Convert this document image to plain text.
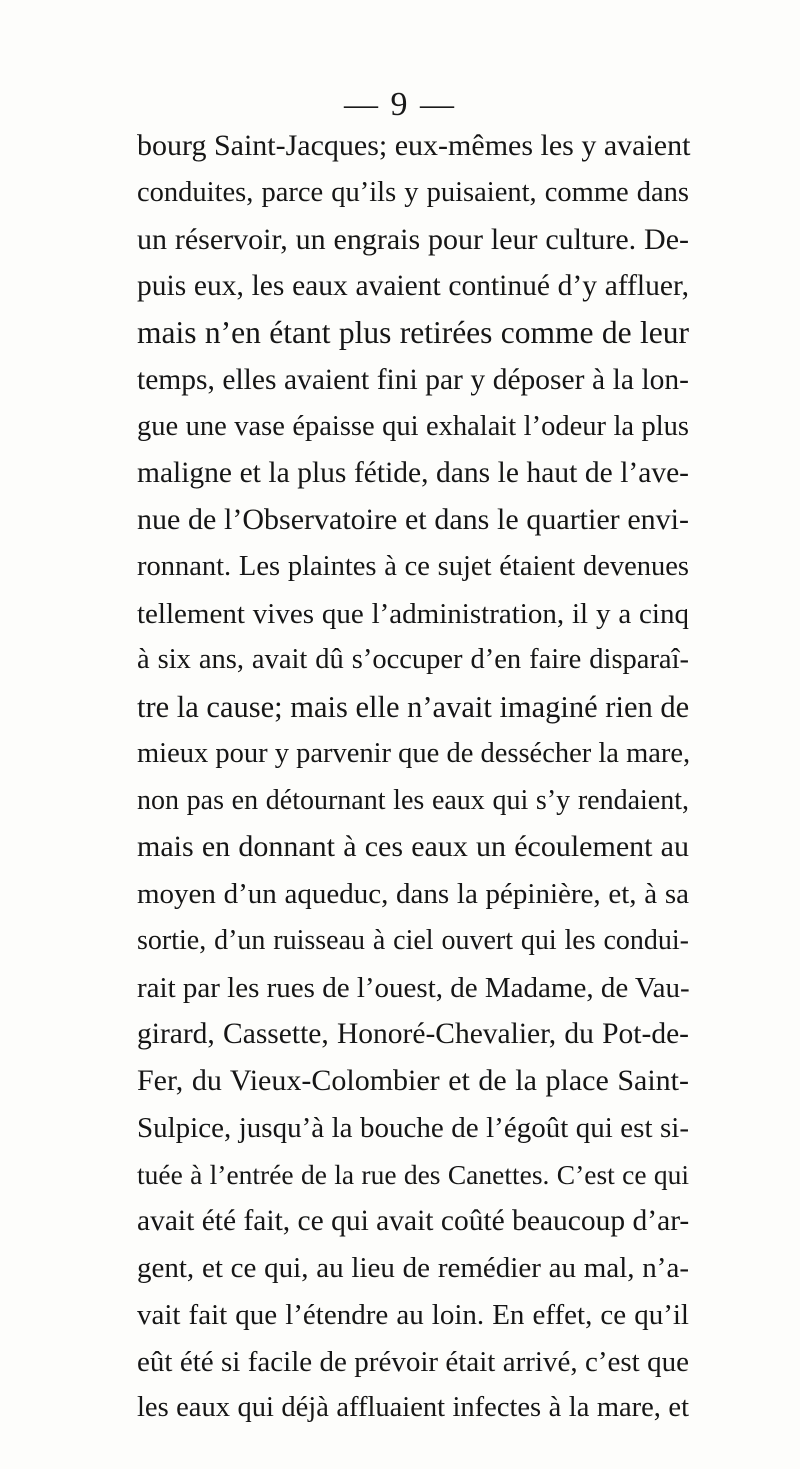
— 9 —
bourg Saint-Jacques; eux-mêmes les y avaient
conduites, parce qu’ils y puisaient, comme dans
un réservoir, un engrais pour leur culture. De-
puis eux, les eaux avaient continué d’y affluer,
mais n’en étant plus retirées comme de leur
temps, elles avaient fini par y déposer à la lon-
gue une vase épaisse qui exhalait l’odeur la plus
maligne et la plus fétide, dans le haut de l’ave-
nue de l’Observatoire et dans le quartier envi-
ronnant. Les plaintes à ce sujet étaient devenues
tellement vives que l’administration, il y a cinq
à six ans, avait dû s’occuper d’en faire disparaî-
tre la cause; mais elle n’avait imaginé rien de
mieux pour y parvenir que de dessécher la mare,
non pas en détournant les eaux qui s’y rendaient,
mais en donnant à ces eaux un écoulement au
moyen d’un aqueduc, dans la pépinière, et, à sa
sortie, d’un ruisseau à ciel ouvert qui les condui-
rait par les rues de l’ouest, de Madame, de Vau-
girard, Cassette, Honoré-Chevalier, du Pot-de-
Fer, du Vieux-Colombier et de la place Saint-
Sulpice, jusqu’à la bouche de l’égoût qui est si-
tuée à l’entrée de la rue des Canettes. C’est ce qui
avait été fait, ce qui avait coûté beaucoup d’ar-
gent, et ce qui, au lieu de remédier au mal, n’a-
vait fait que l’étendre au loin. En effet, ce qu’il
eût été si facile de prévoir était arrivé, c’est que
les eaux qui déjà affluaient infectes à la mare, et
